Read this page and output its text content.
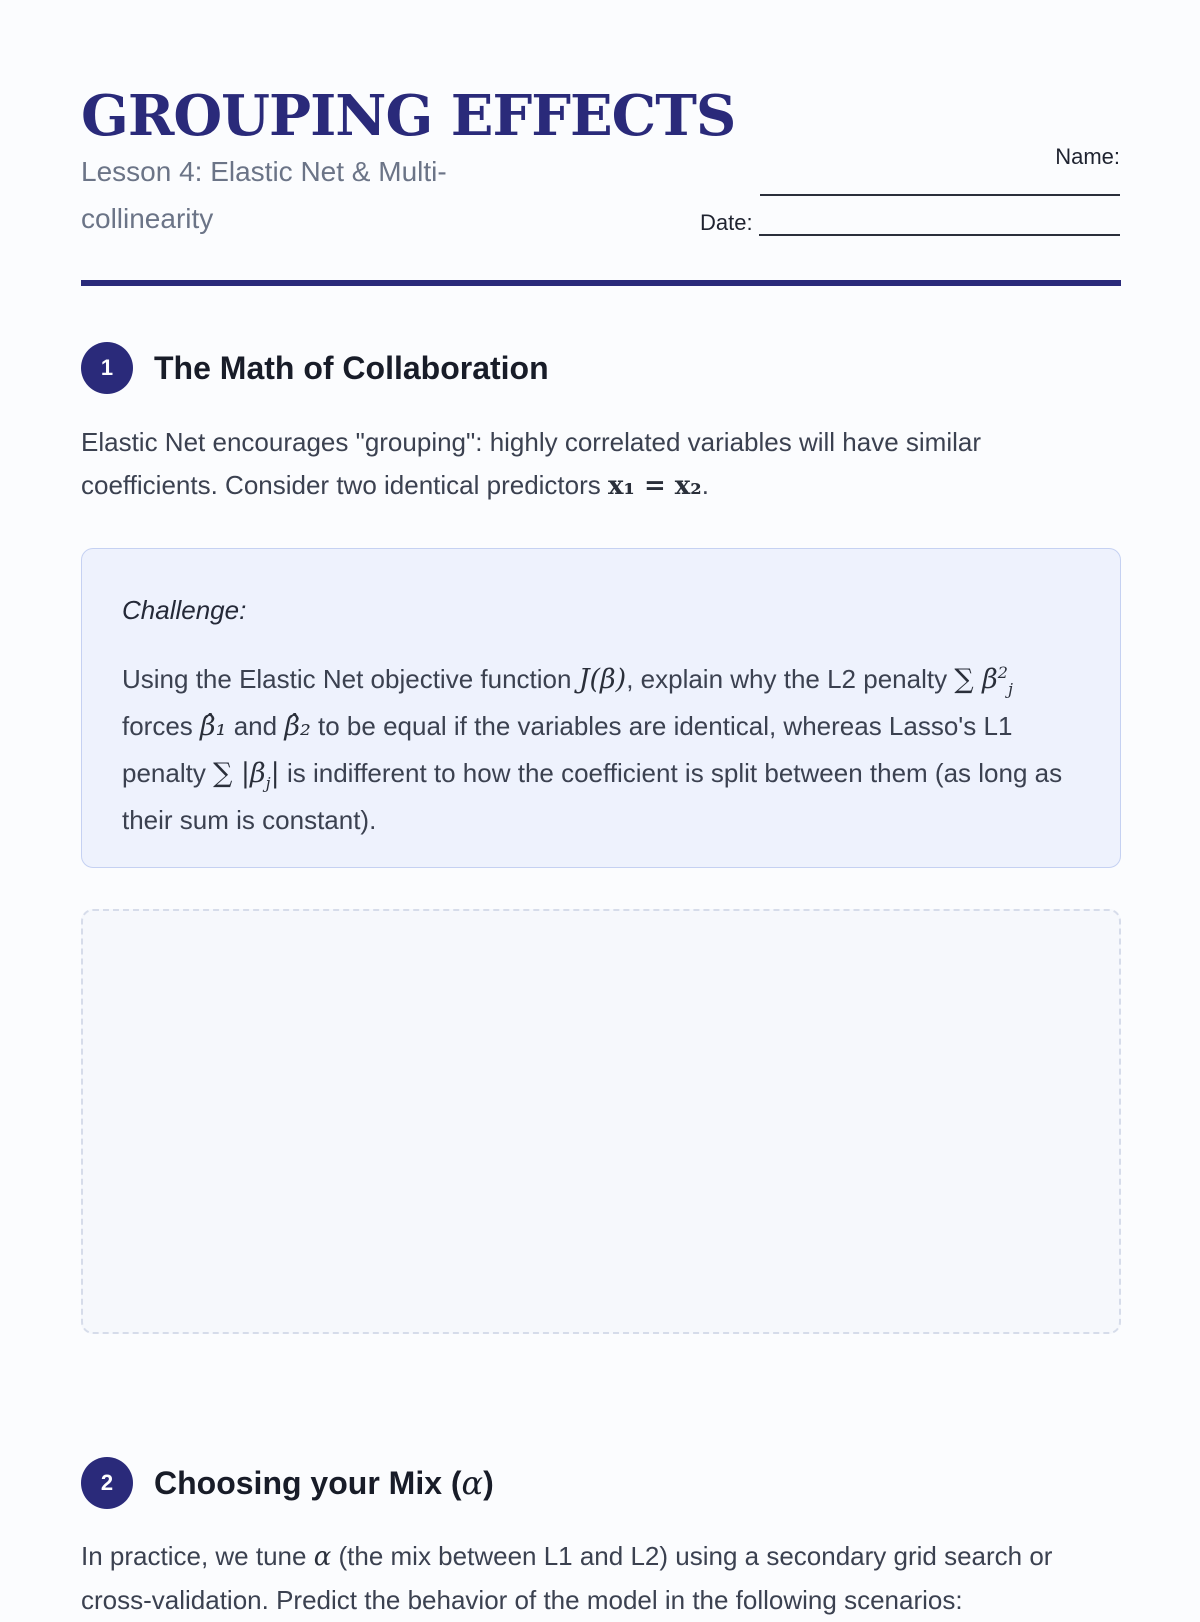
GROUPING EFFECTS
Lesson 4: Elastic Net & Multi-collinearity
Name:
Date:
1	The Math of Collaboration
Elastic Net encourages "grouping": highly correlated variables will have similar coefficients. Consider two identical predictors x₁ = x₂.
Challenge:
Using the Elastic Net objective function J(β), explain why the L2 penalty ∑ $\beta^2_j$ forces β̂₁ and β̂₂ to be equal if the variables are identical, whereas Lasso's L1 penalty ∑ $|\beta_j|$ is indifferent to how the coefficient is split between them (as long as their sum is constant).
2	Choosing your Mix (α)
In practice, we tune α (the mix between L1 and L2) using a secondary grid search or cross-validation. Predict the behavior of the model in the following scenarios:
